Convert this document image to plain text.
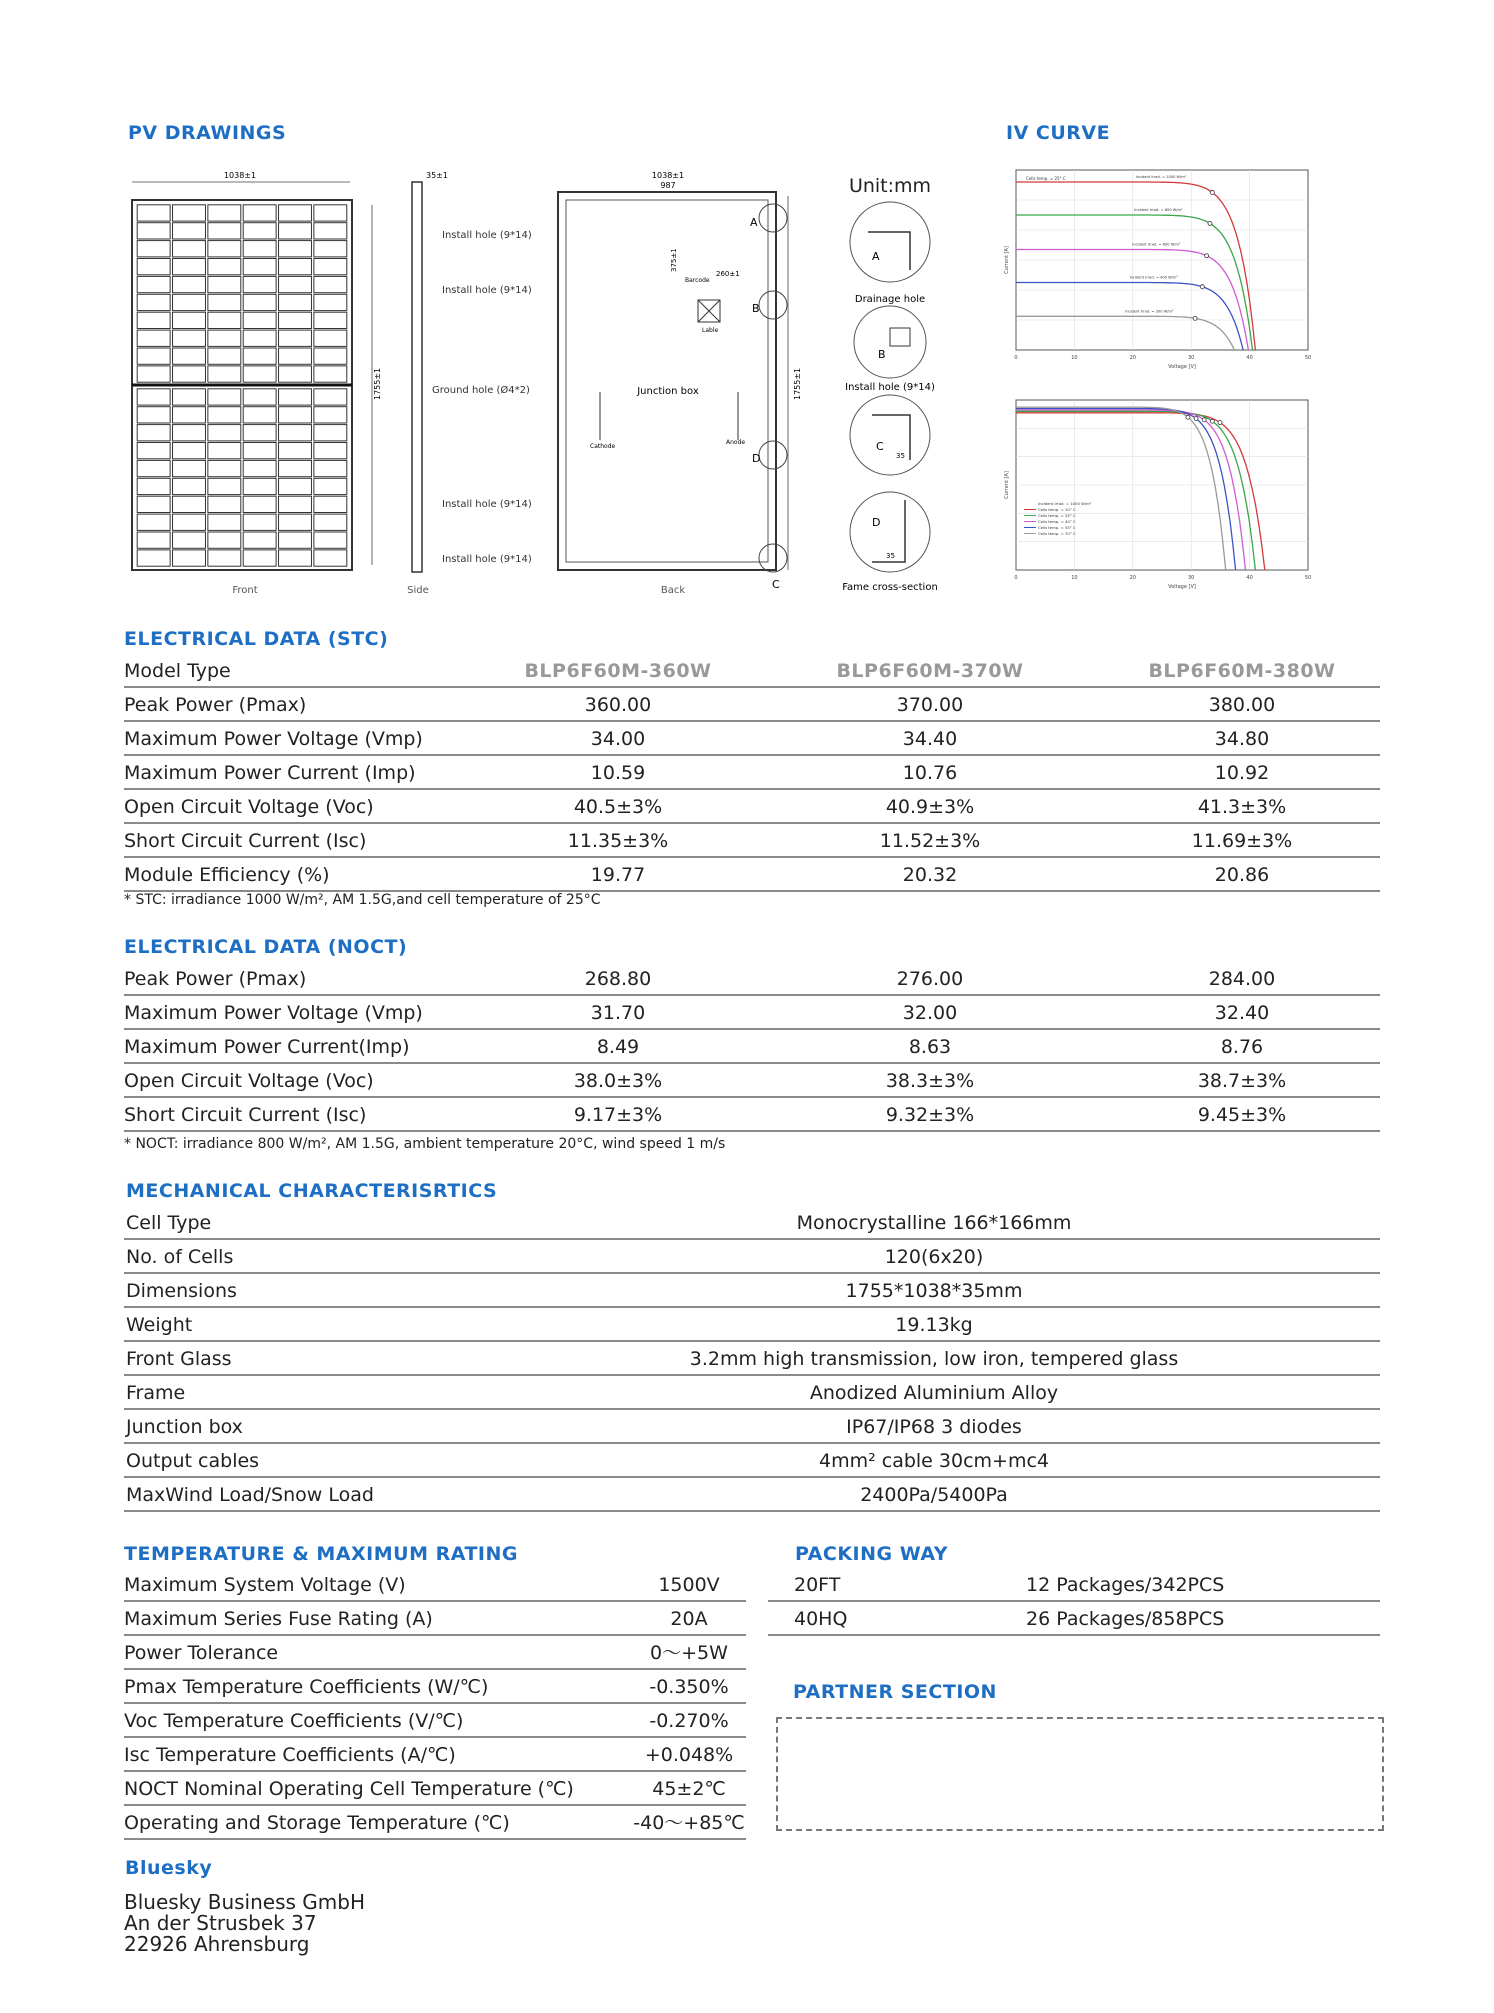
PV DRAWINGS	IV CURVE
1038±1
1755±1
Front
35±1
Side
Install hole (9*14)
Install hole (9*14)
Ground hole (Ø4*2)
Install hole (9*14)
Install hole (9*14)
1038±1
987
Junction box
Barcode
Lable
260±1
375±1
Cathode
Anode
A
B
D
C
1755±1
Back
Unit:mm
A
Drainage hole
B
Install hole (9*14)
C
35
D
35
Fame cross-section
0	10	20	30	40	50
Voltage [V]
Current [A]
Incident Irrad. = 1000 W/m²
Incident Irrad. = 800 W/m²
Incident Irrad. = 600 W/m²
Incident Irrad. = 400 W/m²
Incident Irrad. = 200 W/m²
Cells temp. = 25° C
0	10	20	30	40	50
Voltage [V]
Current [A]
Incident Irrad. = 1000 W/m²
Cells temp. = 10° C
Cells temp. = 25° C
Cells temp. = 40° C
Cells temp. = 55° C
Cells temp. = 70° C
ELECTRICAL DATA (STC)
Model Type	BLP6F60M-360W	BLP6F60M-370W	BLP6F60M-380W
Peak Power (Pmax)	360.00	370.00	380.00
Maximum Power Voltage (Vmp)	34.00	34.40	34.80
Maximum Power Current (Imp)	10.59	10.76	10.92
Open Circuit Voltage (Voc)	40.5±3%	40.9±3%	41.3±3%
Short Circuit Current (Isc)	11.35±3%	11.52±3%	11.69±3%
Module Efficiency (%)	19.77	20.32	20.86
* STC: irradiance 1000 W/m², AM 1.5G,and cell temperature of 25°C
ELECTRICAL DATA (NOCT)
Peak Power (Pmax)	268.80	276.00	284.00
Maximum Power Voltage (Vmp)	31.70	32.00	32.40
Maximum Power Current(Imp)	8.49	8.63	8.76
Open Circuit Voltage (Voc)	38.0±3%	38.3±3%	38.7±3%
Short Circuit Current (Isc)	9.17±3%	9.32±3%	9.45±3%
* NOCT: irradiance 800 W/m², AM 1.5G, ambient temperature 20°C, wind speed 1 m/s
MECHANICAL CHARACTERISRTICS
Cell Type	Monocrystalline 166*166mm
No. of Cells	120(6x20)
Dimensions	1755*1038*35mm
Weight	19.13kg
Front Glass	3.2mm high transmission, low iron, tempered glass
Frame	Anodized Aluminium Alloy
Junction box	IP67/IP68 3 diodes
Output cables	4mm² cable 30cm+mc4
MaxWind Load/Snow Load	2400Pa/5400Pa
TEMPERATURE & MAXIMUM RATING
Maximum System Voltage (V)	1500V
Maximum Series Fuse Rating (A)	20A
Power Tolerance	0～+5W
Pmax Temperature Coefficients (W/℃)	-0.350%
Voc Temperature Coefficients (V/℃)	-0.270%
Isc Temperature Coefficients (A/℃)	+0.048%
NOCT Nominal Operating Cell Temperature (℃)	45±2℃
Operating and Storage Temperature (℃)	-40～+85℃
PACKING WAY
20FT	12 Packages/342PCS
40HQ	26 Packages/858PCS
PARTNER SECTION
Bluesky
Bluesky Business GmbH
An der Strusbek 37
22926 Ahrensburg
